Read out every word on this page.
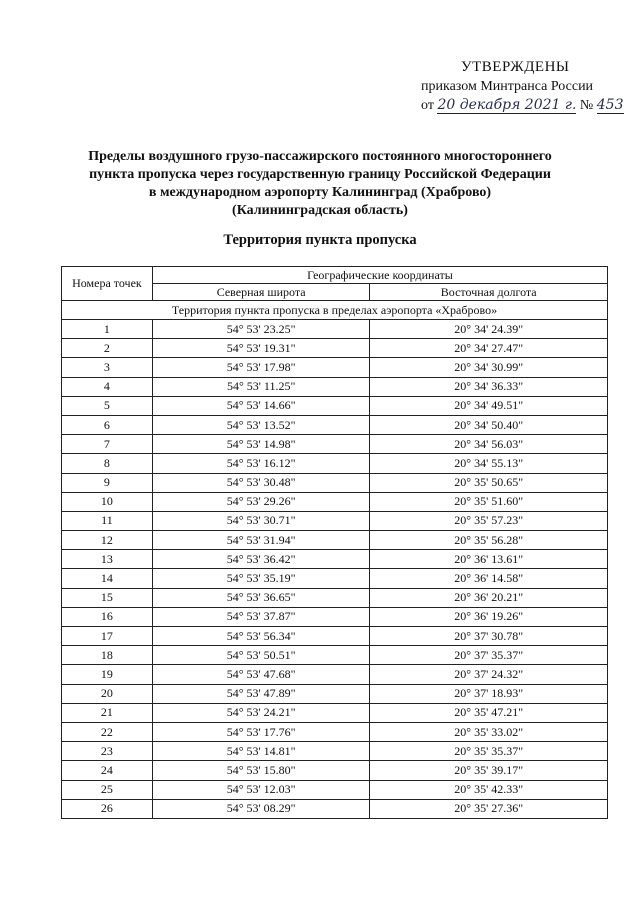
УТВЕРЖДЕНЫ
приказом Минтранса России
от 20 декабря 2021 г. № 453
Пределы воздушного грузо-пассажирского постоянного многостороннего
пункта пропуска через государственную границу Российской Федерации
в международном аэропорту Калининград (Храброво)
(Калининградская область)
Территория пункта пропуска
Номера точек	Географические координаты	
	Северная широта	Восточная долгота
Территория пункта пропуска в пределах аэропорта «Храброво»		
1	54° 53' 23.25"	20° 34' 24.39"
2	54° 53' 19.31"	20° 34' 27.47"
3	54° 53' 17.98"	20° 34' 30.99"
4	54° 53' 11.25"	20° 34' 36.33"
5	54° 53' 14.66"	20° 34' 49.51"
6	54° 53' 13.52"	20° 34' 50.40"
7	54° 53' 14.98"	20° 34' 56.03"
8	54° 53' 16.12"	20° 34' 55.13"
9	54° 53' 30.48"	20° 35' 50.65"
10	54° 53' 29.26"	20° 35' 51.60"
11	54° 53' 30.71"	20° 35' 57.23"
12	54° 53' 31.94"	20° 35' 56.28"
13	54° 53' 36.42"	20° 36' 13.61"
14	54° 53' 35.19"	20° 36' 14.58"
15	54° 53' 36.65"	20° 36' 20.21"
16	54° 53' 37.87"	20° 36' 19.26"
17	54° 53' 56.34"	20° 37' 30.78"
18	54° 53' 50.51"	20° 37' 35.37"
19	54° 53' 47.68"	20° 37' 24.32"
20	54° 53' 47.89"	20° 37' 18.93"
21	54° 53' 24.21"	20° 35' 47.21"
22	54° 53' 17.76"	20° 35' 33.02"
23	54° 53' 14.81"	20° 35' 35.37"
24	54° 53' 15.80"	20° 35' 39.17"
25	54° 53' 12.03"	20° 35' 42.33"
26	54° 53' 08.29"	20° 35' 27.36"
